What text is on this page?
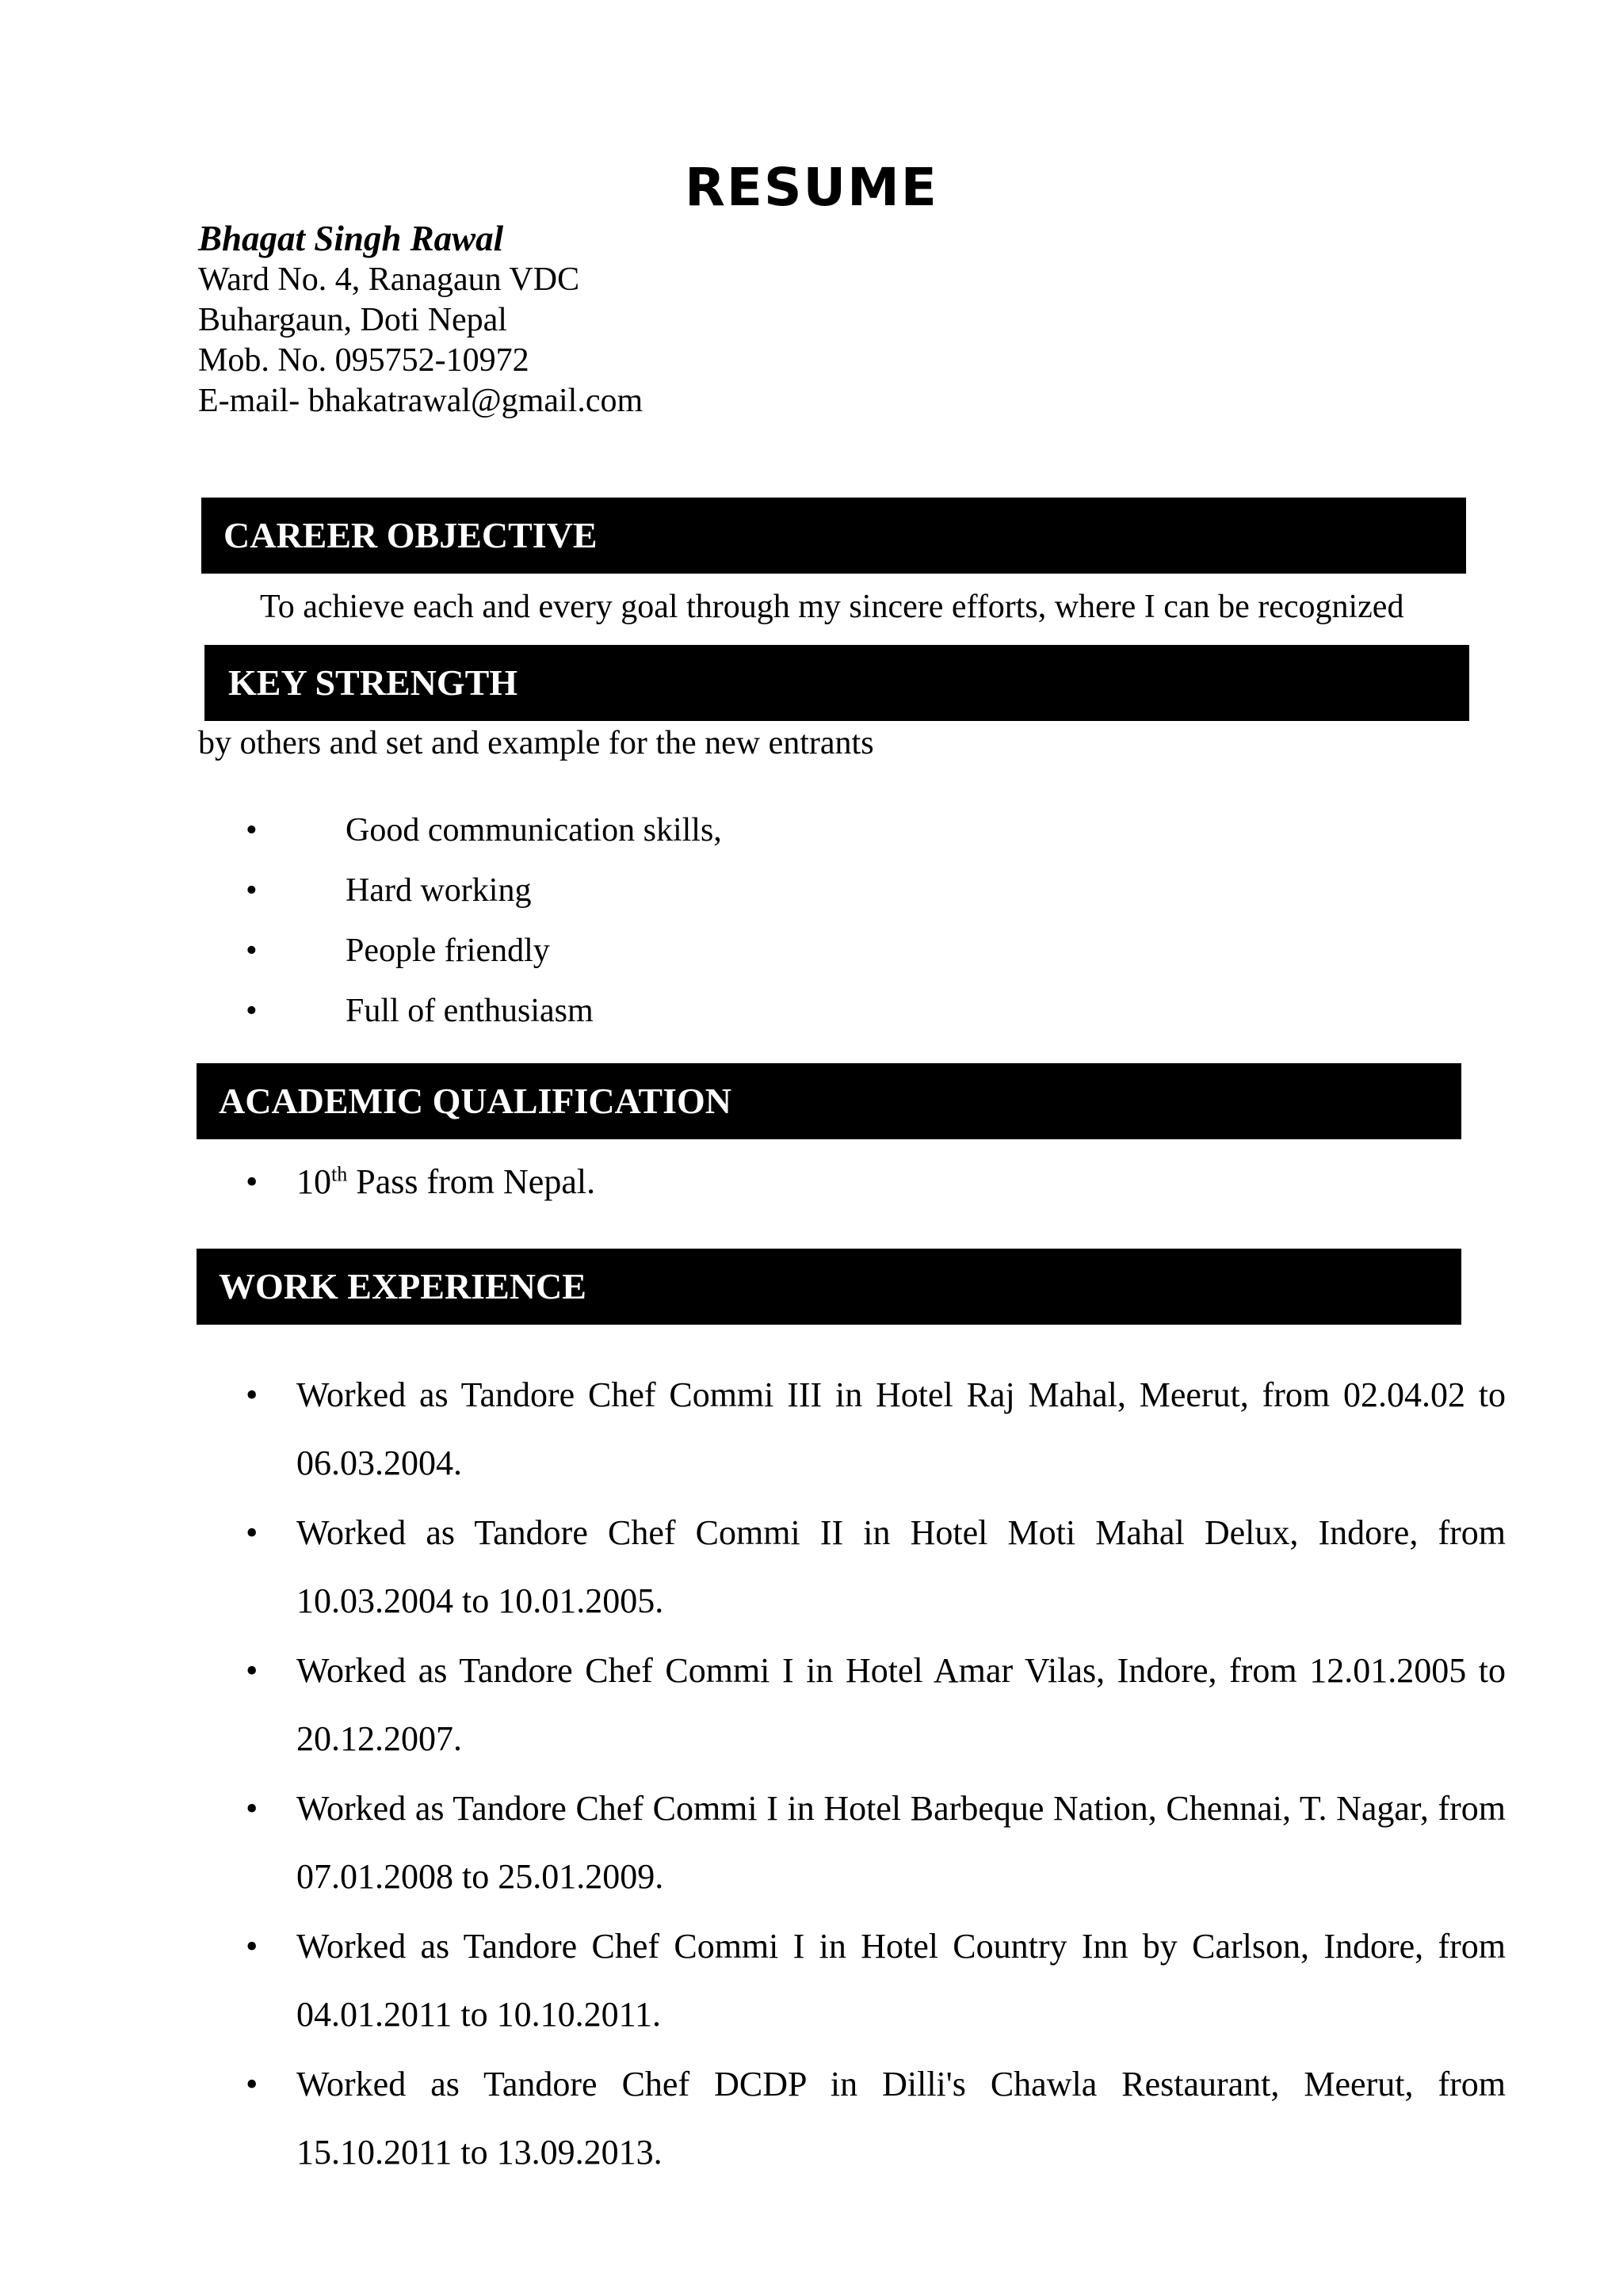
RESUME
Bhagat Singh Rawal
Ward No. 4, Ranagaun VDC
Buhargaun, Doti Nepal
Mob. No. 095752-10972
E-mail- bhakatrawal@gmail.com
CAREER OBJECTIVE
To achieve each and every goal through my sincere efforts, where I can be recognized
KEY STRENGTH
by others and set and example for the new entrants
•	Good communication skills,
•	Hard working
•	People friendly
•	Full of enthusiasm
ACADEMIC QUALIFICATION
• 10th Pass from Nepal.
WORK EXPERIENCE
• Worked as Tandore Chef Commi III in Hotel Raj Mahal, Meerut, from 02.04.02 to 06.03.2004.
• Worked as Tandore Chef Commi II in Hotel Moti Mahal Delux, Indore, from 10.03.2004 to 10.01.2005.
• Worked as Tandore Chef Commi I in Hotel Amar Vilas, Indore, from 12.01.2005 to 20.12.2007.
• Worked as Tandore Chef Commi I in Hotel Barbeque Nation, Chennai, T. Nagar, from 07.01.2008 to 25.01.2009.
• Worked as Tandore Chef Commi I in Hotel Country Inn by Carlson, Indore, from 04.01.2011 to 10.10.2011.
• Worked as Tandore Chef DCDP in Dilli's Chawla Restaurant, Meerut, from 15.10.2011 to 13.09.2013.
